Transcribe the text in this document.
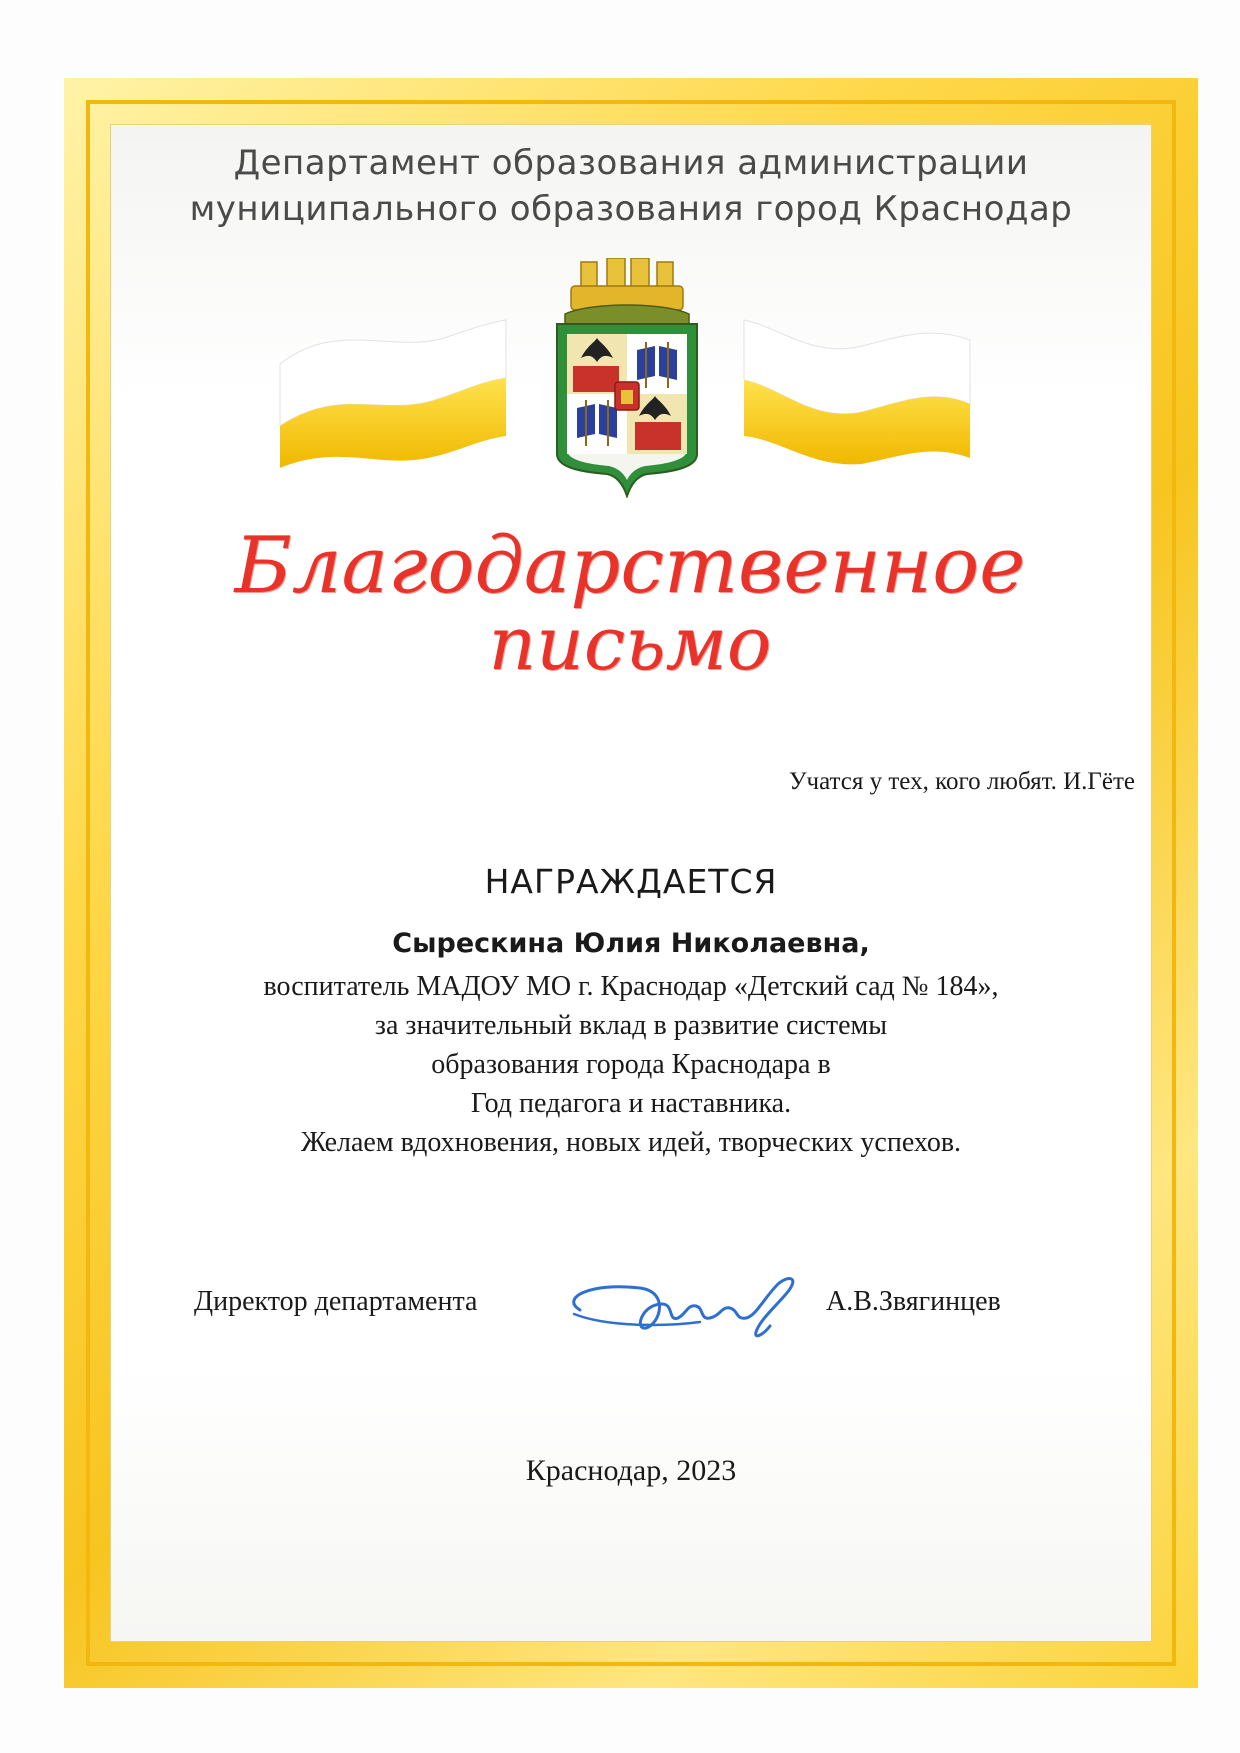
Департамент образования администрации
муниципального образования город Краснодар
Благодарственное
письмо
Учатся у тех, кого любят. И.Гёте
НАГРАЖДАЕТСЯ
Сырескина Юлия Николаевна,
воспитатель МАДОУ МО г. Краснодар «Детский сад № 184»,
за значительный вклад в развитие системы
образования города Краснодара в
Год педагога и наставника.
Желаем вдохновения, новых идей, творческих успехов.
Директор департамента	А.В.Звягинцев
Краснодар, 2023
